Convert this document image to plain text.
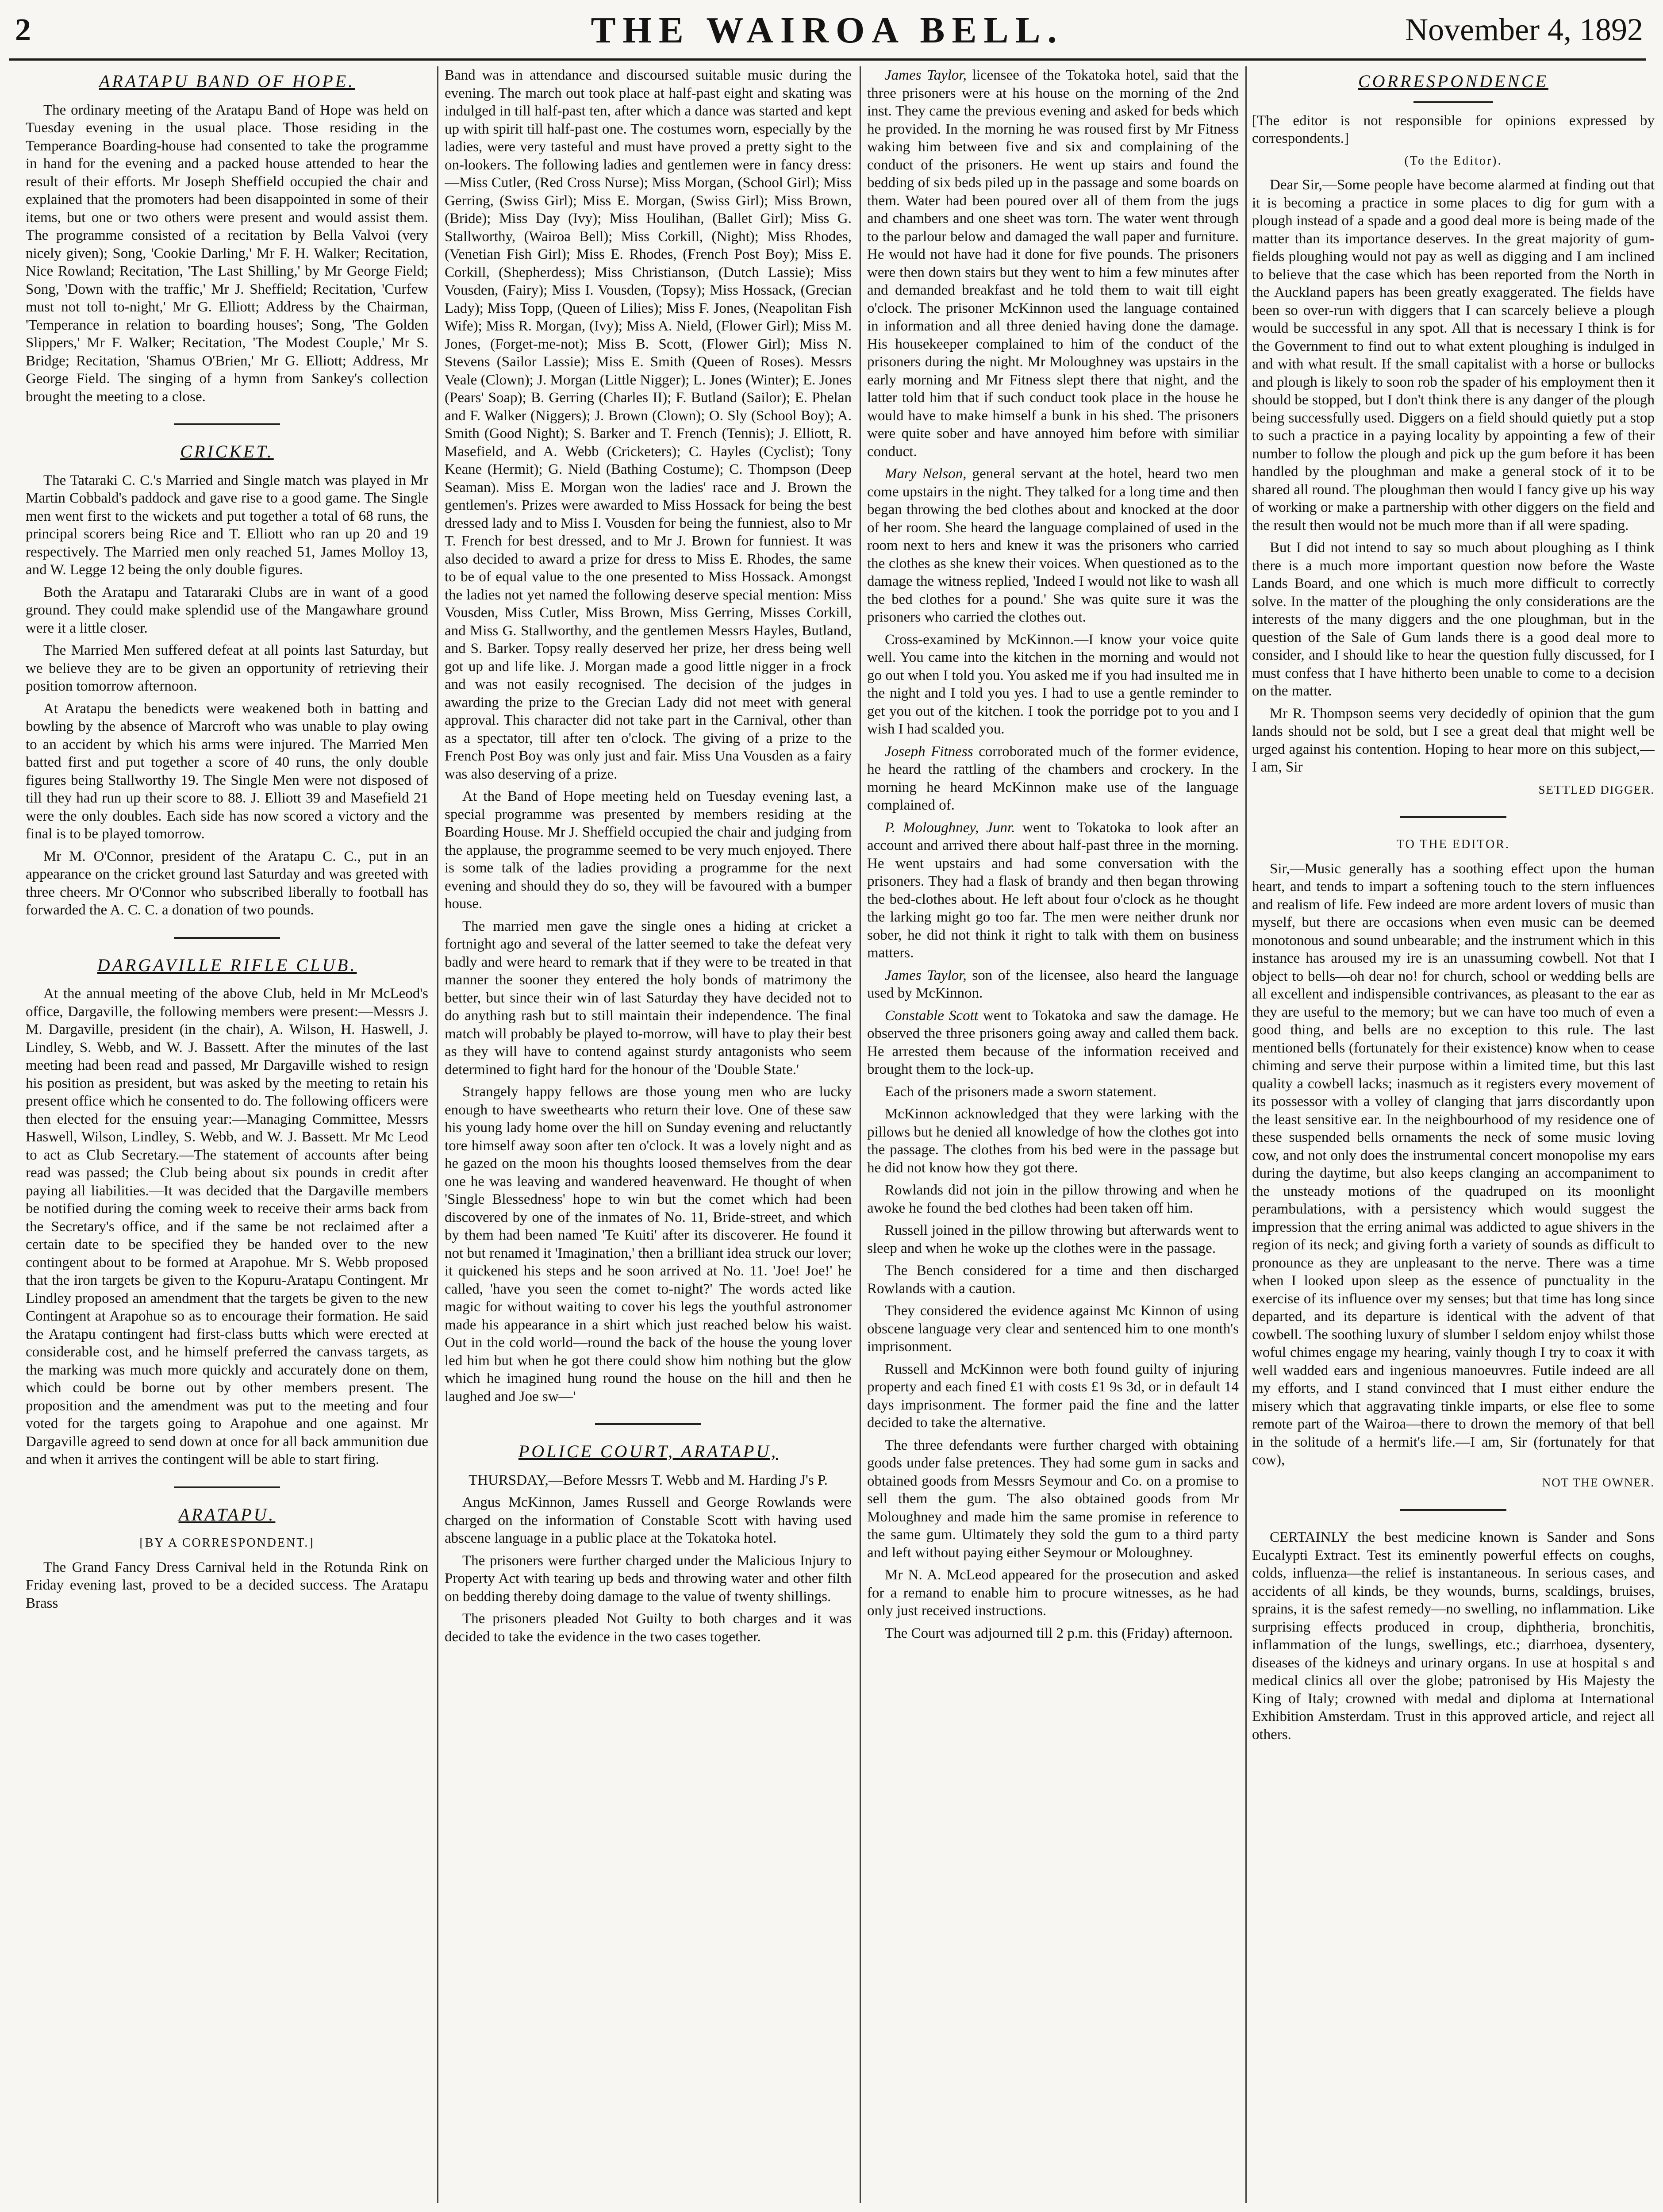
2	THE WAIROA BELL.	November 4, 1892
ARATAPU BAND OF HOPE.

The ordinary meeting of the Aratapu Band of Hope was held on Tuesday evening in the usual place. Those residing in the Temperance Boarding-house had consented to take the programme in hand for the evening and a packed house attended to hear the result of their efforts. Mr Joseph Sheffield occupied the chair and explained that the promoters had been disappointed in some of their items, but one or two others were present and would assist them. The programme consisted of a recitation by Bella Valvoi (very nicely given); Song, 'Cookie Darling,' Mr F. H. Walker; Recitation, Nice Rowland; Recitation, 'The Last Shilling,' by Mr George Field; Song, 'Down with the traffic,' Mr J. Sheffield; Recitation, 'Curfew must not toll to-night,' Mr G. Elliott; Address by the Chairman, 'Temperance in relation to boarding houses'; Song, 'The Golden Slippers,' Mr F. Walker; Recitation, 'The Modest Couple,' Mr S. Bridge; Recitation, 'Shamus O'Brien,' Mr G. Elliott; Address, Mr George Field. The singing of a hymn from Sankey's collection brought the meeting to a close.

CRICKET.

The Tataraki C. C.'s Married and Single match was played in Mr Martin Cobbald's paddock and gave rise to a good game. The Single men went first to the wickets and put together a total of 68 runs, the principal scorers being Rice and T. Elliott who ran up 20 and 19 respectively. The Married men only reached 51, James Molloy 13, and W. Legge 12 being the only double figures.

Both the Aratapu and Tatararaki Clubs are in want of a good ground. They could make splendid use of the Mangawhare ground were it a little closer.

The Married Men suffered defeat at all points last Saturday, but we believe they are to be given an opportunity of retrieving their position tomorrow afternoon.

At Aratapu the benedicts were weakened both in batting and bowling by the absence of Marcroft who was unable to play owing to an accident by which his arms were injured. The Married Men batted first and put together a score of 40 runs, the only double figures being Stallworthy 19. The Single Men were not disposed of till they had run up their score to 88. J. Elliott 39 and Masefield 21 were the only doubles. Each side has now scored a victory and the final is to be played tomorrow.

Mr M. O'Connor, president of the Aratapu C. C., put in an appearance on the cricket ground last Saturday and was greeted with three cheers. Mr O'Connor who subscribed liberally to football has forwarded the A. C. C. a donation of two pounds.

DARGAVILLE RIFLE CLUB.

At the annual meeting of the above Club, held in Mr McLeod's office, Dargaville, the following members were present:—Messrs J. M. Dargaville, president (in the chair), A. Wilson, H. Haswell, J. Lindley, S. Webb, and W. J. Bassett. After the minutes of the last meeting had been read and passed, Mr Dargaville wished to resign his position as president, but was asked by the meeting to retain his present office which he consented to do. The following officers were then elected for the ensuing year:—Managing Committee, Messrs Haswell, Wilson, Lindley, S. Webb, and W. J. Bassett. Mr Mc Leod to act as Club Secretary.—The statement of accounts after being read was passed; the Club being about six pounds in credit after paying all liabilities.—It was decided that the Dargaville members be notified during the coming week to receive their arms back from the Secretary's office, and if the same be not reclaimed after a certain date to be specified they be handed over to the new contingent about to be formed at Arapohue. Mr S. Webb proposed that the iron targets be given to the Kopuru-Aratapu Contingent. Mr Lindley proposed an amendment that the targets be given to the new Contingent at Arapohue so as to encourage their formation. He said the Aratapu contingent had first-class butts which were erected at considerable cost, and he himself preferred the canvass targets, as the marking was much more quickly and accurately done on them, which could be borne out by other members present. The proposition and the amendment was put to the meeting and four voted for the targets going to Arapohue and one against. Mr Dargaville agreed to send down at once for all back ammunition due and when it arrives the contingent will be able to start firing.

ARATAPU.
[BY A CORRESPONDENT.]

The Grand Fancy Dress Carnival held in the Rotunda Rink on Friday evening last, proved to be a decided success. The Aratapu Brass

Band was in attendance and discoursed suitable music during the evening. The march out took place at half-past eight and skating was indulged in till half-past ten, after which a dance was started and kept up with spirit till half-past one. The costumes worn, especially by the ladies, were very tasteful and must have proved a pretty sight to the on-lookers. The following ladies and gentlemen were in fancy dress:—Miss Cutler, (Red Cross Nurse); Miss Morgan, (School Girl); Miss Gerring, (Swiss Girl); Miss E. Morgan, (Swiss Girl); Miss Brown, (Bride); Miss Day (Ivy); Miss Houlihan, (Ballet Girl); Miss G. Stallworthy, (Wairoa Bell); Miss Corkill, (Night); Miss Rhodes, (Venetian Fish Girl); Miss E. Rhodes, (French Post Boy); Miss E. Corkill, (Shepherdess); Miss Christianson, (Dutch Lassie); Miss Vousden, (Fairy); Miss I. Vousden, (Topsy); Miss Hossack, (Grecian Lady); Miss Topp, (Queen of Lilies); Miss F. Jones, (Neapolitan Fish Wife); Miss R. Morgan, (Ivy); Miss A. Nield, (Flower Girl); Miss M. Jones, (Forget-me-not); Miss B. Scott, (Flower Girl); Miss N. Stevens (Sailor Lassie); Miss E. Smith (Queen of Roses). Messrs Veale (Clown); J. Morgan (Little Nigger); L. Jones (Winter); E. Jones (Pears' Soap); B. Gerring (Charles II); F. Butland (Sailor); E. Phelan and F. Walker (Niggers); J. Brown (Clown); O. Sly (School Boy); A. Smith (Good Night); S. Barker and T. French (Tennis); J. Elliott, R. Masefield, and A. Webb (Cricketers); C. Hayles (Cyclist); Tony Keane (Hermit); G. Nield (Bathing Costume); C. Thompson (Deep Seaman). Miss E. Morgan won the ladies' race and J. Brown the gentlemen's. Prizes were awarded to Miss Hossack for being the best dressed lady and to Miss I. Vousden for being the funniest, also to Mr T. French for best dressed, and to Mr J. Brown for funniest. It was also decided to award a prize for dress to Miss E. Rhodes, the same to be of equal value to the one presented to Miss Hossack. Amongst the ladies not yet named the following deserve special mention: Miss Vousden, Miss Cutler, Miss Brown, Miss Gerring, Misses Corkill, and Miss G. Stallworthy, and the gentlemen Messrs Hayles, Butland, and S. Barker. Topsy really deserved her prize, her dress being well got up and life like. J. Morgan made a good little nigger in a frock and was not easily recognised. The decision of the judges in awarding the prize to the Grecian Lady did not meet with general approval. This character did not take part in the Carnival, other than as a spectator, till after ten o'clock. The giving of a prize to the French Post Boy was only just and fair. Miss Una Vousden as a fairy was also deserving of a prize.

At the Band of Hope meeting held on Tuesday evening last, a special programme was presented by members residing at the Boarding House. Mr J. Sheffield occupied the chair and judging from the applause, the programme seemed to be very much enjoyed. There is some talk of the ladies providing a programme for the next evening and should they do so, they will be favoured with a bumper house.

The married men gave the single ones a hiding at cricket a fortnight ago and several of the latter seemed to take the defeat very badly and were heard to remark that if they were to be treated in that manner the sooner they entered the holy bonds of matrimony the better, but since their win of last Saturday they have decided not to do anything rash but to still maintain their independence. The final match will probably be played to-morrow, will have to play their best as they will have to contend against sturdy antagonists who seem determined to fight hard for the honour of the 'Double State.'

Strangely happy fellows are those young men who are lucky enough to have sweethearts who return their love. One of these saw his young lady home over the hill on Sunday evening and reluctantly tore himself away soon after ten o'clock. It was a lovely night and as he gazed on the moon his thoughts loosed themselves from the dear one he was leaving and wandered heavenward. He thought of when 'Single Blessedness' hope to win but the comet which had been discovered by one of the inmates of No. 11, Bride-street, and which by them had been named 'Te Kuiti' after its discoverer. He found it not but renamed it 'Imagination,' then a brilliant idea struck our lover; it quickened his steps and he soon arrived at No. 11. 'Joe! Joe!' he called, 'have you seen the comet to-night?' The words acted like magic for without waiting to cover his legs the youthful astronomer made his appearance in a shirt which just reached below his waist. Out in the cold world—round the back of the house the young lover led him but when he got there could show him nothing but the glow which he imagined hung round the house on the hill and then he laughed and Joe sw—'

POLICE COURT, ARATAPU,

THURSDAY,—Before Messrs T. Webb and M. Harding J's P.

Angus McKinnon, James Russell and George Rowlands were charged on the information of Constable Scott with having used abscene language in a public place at the Tokatoka hotel.

The prisoners were further charged under the Malicious Injury to Property Act with tearing up beds and throwing water and other filth on bedding thereby doing damage to the value of twenty shillings.

The prisoners pleaded Not Guilty to both charges and it was decided to take the evidence in the two cases together.

James Taylor, licensee of the Tokatoka hotel, said that the three prisoners were at his house on the morning of the 2nd inst. They came the previous evening and asked for beds which he provided. In the morning he was roused first by Mr Fitness waking him between five and six and complaining of the conduct of the prisoners. He went up stairs and found the bedding of six beds piled up in the passage and some boards on them. Water had been poured over all of them from the jugs and chambers and one sheet was torn. The water went through to the parlour below and damaged the wall paper and furniture. He would not have had it done for five pounds. The prisoners were then down stairs but they went to him a few minutes after and demanded breakfast and he told them to wait till eight o'clock. The prisoner McKinnon used the language contained in information and all three denied having done the damage. His housekeeper complained to him of the conduct of the prisoners during the night. Mr Moloughney was upstairs in the early morning and Mr Fitness slept there that night, and the latter told him that if such conduct took place in the house he would have to make himself a bunk in his shed. The prisoners were quite sober and have annoyed him before with similiar conduct.

Mary Nelson, general servant at the hotel, heard two men come upstairs in the night. They talked for a long time and then began throwing the bed clothes about and knocked at the door of her room. She heard the language complained of used in the room next to hers and knew it was the prisoners who carried the clothes as she knew their voices. When questioned as to the damage the witness replied, 'Indeed I would not like to wash all the bed clothes for a pound.' She was quite sure it was the prisoners who carried the clothes out.

Cross-examined by McKinnon.—I know your voice quite well. You came into the kitchen in the morning and would not go out when I told you. You asked me if you had insulted me in the night and I told you yes. I had to use a gentle reminder to get you out of the kitchen. I took the porridge pot to you and I wish I had scalded you.

Joseph Fitness corroborated much of the former evidence, he heard the rattling of the chambers and crockery. In the morning he heard McKinnon make use of the language complained of.

P. Moloughney, Junr. went to Tokatoka to look after an account and arrived there about half-past three in the morning. He went upstairs and had some conversation with the prisoners. They had a flask of brandy and then began throwing the bed-clothes about. He left about four o'clock as he thought the larking might go too far. The men were neither drunk nor sober, he did not think it right to talk with them on business matters.

James Taylor, son of the licensee, also heard the language used by McKinnon.

Constable Scott went to Tokatoka and saw the damage. He observed the three prisoners going away and called them back. He arrested them because of the information received and brought them to the lock-up.

Each of the prisoners made a sworn statement.

McKinnon acknowledged that they were larking with the pillows but he denied all knowledge of how the clothes got into the passage. The clothes from his bed were in the passage but he did not know how they got there.

Rowlands did not join in the pillow throwing and when he awoke he found the bed clothes had been taken off him.

Russell joined in the pillow throwing but afterwards went to sleep and when he woke up the clothes were in the passage.

The Bench considered for a time and then discharged Rowlands with a caution.

They considered the evidence against Mc Kinnon of using obscene language very clear and sentenced him to one month's imprisonment.

Russell and McKinnon were both found guilty of injuring property and each fined £1 with costs £1 9s 3d, or in default 14 days imprisonment. The former paid the fine and the latter decided to take the alternative.

The three defendants were further charged with obtaining goods under false pretences. They had some gum in sacks and obtained goods from Messrs Seymour and Co. on a promise to sell them the gum. The also obtained goods from Mr Moloughney and made him the same promise in reference to the same gum. Ultimately they sold the gum to a third party and left without paying either Seymour or Moloughney.

Mr N. A. McLeod appeared for the prosecution and asked for a remand to enable him to procure witnesses, as he had only just received instructions.

The Court was adjourned till 2 p.m. this (Friday) afternoon.

CORRESPONDENCE

[The editor is not responsible for opinions expressed by correspondents.]

(To the Editor).

Dear Sir,—Some people have become alarmed at finding out that it is becoming a practice in some places to dig for gum with a plough instead of a spade and a good deal more is being made of the matter than its importance deserves. In the great majority of gum-fields ploughing would not pay as well as digging and I am inclined to believe that the case which has been reported from the North in the Auckland papers has been greatly exaggerated. The fields have been so over-run with diggers that I can scarcely believe a plough would be successful in any spot. All that is necessary I think is for the Government to find out to what extent ploughing is indulged in and with what result. If the small capitalist with a horse or bullocks and plough is likely to soon rob the spader of his employment then it should be stopped, but I don't think there is any danger of the plough being successfully used. Diggers on a field should quietly put a stop to such a practice in a paying locality by appointing a few of their number to follow the plough and pick up the gum before it has been handled by the ploughman and make a general stock of it to be shared all round. The ploughman then would I fancy give up his way of working or make a partnership with other diggers on the field and the result then would not be much more than if all were spading.

But I did not intend to say so much about ploughing as I think there is a much more important question now before the Waste Lands Board, and one which is much more difficult to correctly solve. In the matter of the ploughing the only considerations are the interests of the many diggers and the one ploughman, but in the question of the Sale of Gum lands there is a good deal more to consider, and I should like to hear the question fully discussed, for I must confess that I have hitherto been unable to come to a decision on the matter.

Mr R. Thompson seems very decidedly of opinion that the gum lands should not be sold, but I see a great deal that might well be urged against his contention. Hoping to hear more on this subject,—I am, Sir

SETTLED DIGGER.
TO THE EDITOR.

Sir,—Music generally has a soothing effect upon the human heart, and tends to impart a softening touch to the stern influences and realism of life. Few indeed are more ardent lovers of music than myself, but there are occasions when even music can be deemed monotonous and sound unbearable; and the instrument which in this instance has aroused my ire is an unassuming cowbell. Not that I object to bells—oh dear no! for church, school or wedding bells are all excellent and indispensible contrivances, as pleasant to the ear as they are useful to the memory; but we can have too much of even a good thing, and bells are no exception to this rule. The last mentioned bells (fortunately for their existence) know when to cease chiming and serve their purpose within a limited time, but this last quality a cowbell lacks; inasmuch as it registers every movement of its possessor with a volley of clanging that jarrs discordantly upon the least sensitive ear. In the neighbourhood of my residence one of these suspended bells ornaments the neck of some music loving cow, and not only does the instrumental concert monopolise my ears during the daytime, but also keeps clanging an accompaniment to the unsteady motions of the quadruped on its moonlight perambulations, with a persistency which would suggest the impression that the erring animal was addicted to ague shivers in the region of its neck; and giving forth a variety of sounds as difficult to pronounce as they are unpleasant to the nerve. There was a time when I looked upon sleep as the essence of punctuality in the exercise of its influence over my senses; but that time has long since departed, and its departure is identical with the advent of that cowbell. The soothing luxury of slumber I seldom enjoy whilst those woful chimes engage my hearing, vainly though I try to coax it with well wadded ears and ingenious manoeuvres. Futile indeed are all my efforts, and I stand convinced that I must either endure the misery which that aggravating tinkle imparts, or else flee to some remote part of the Wairoa—there to drown the memory of that bell in the solitude of a hermit's life.—I am, Sir (fortunately for that cow),

NOT THE OWNER.

CERTAINLY the best medicine known is Sander and Sons Eucalypti Extract. Test its eminently powerful effects on coughs, colds, influenza—the relief is instantaneous. In serious cases, and accidents of all kinds, be they wounds, burns, scaldings, bruises, sprains, it is the safest remedy—no swelling, no inflammation. Like surprising effects produced in croup, diphtheria, bronchitis, inflammation of the lungs, swellings, etc.; diarrhoea, dysentery, diseases of the kidneys and urinary organs. In use at hospital s and medical clinics all over the globe; patronised by His Majesty the King of Italy; crowned with medal and diploma at International Exhibition Amsterdam. Trust in this approved article, and reject all others.
